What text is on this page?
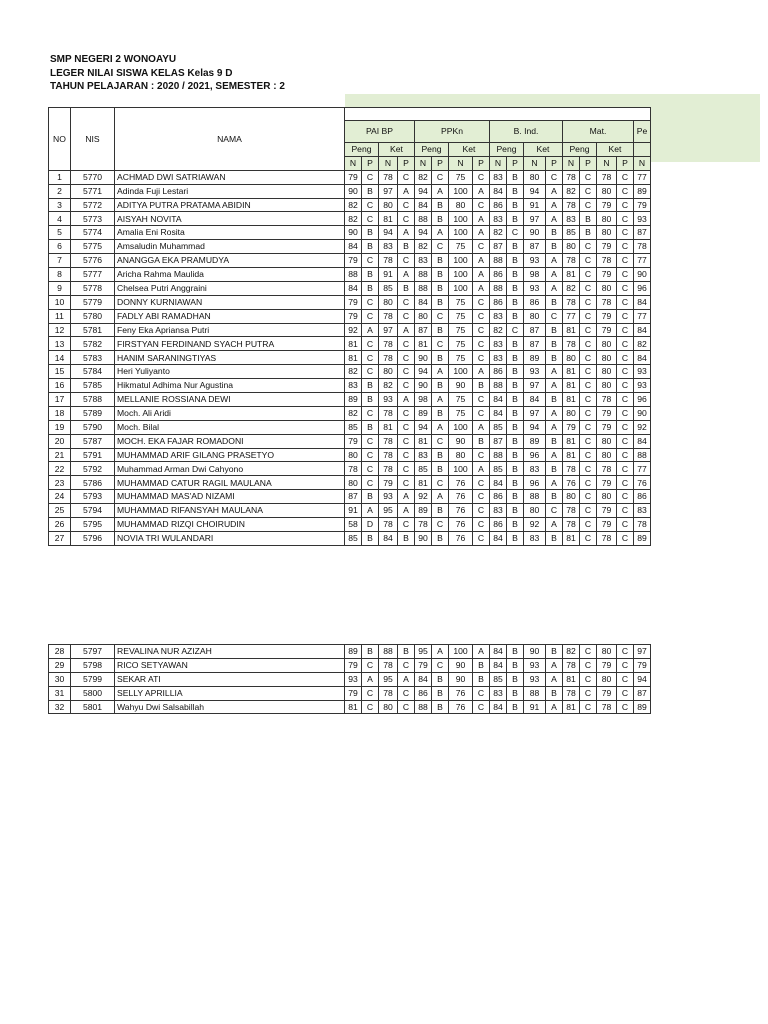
SMP NEGERI 2 WONOAYU
LEGER NILAI SISWA KELAS Kelas 9 D
TAHUN PELAJARAN : 2020 / 2021, SEMESTER : 2
NO	NIS	NAMA																	
			PAI BP				PPKn				B. Ind.				Mat.				Pe
			Peng		Ket		Peng		Ket		Peng		Ket		Peng		Ket		
			N	P	N	P	N	P	N	P	N	P	N	P	N	P	N	P	N
1	5770	ACHMAD DWI SATRIAWAN	79	C	78	C	82	C	75	C	83	B	80	C	78	C	78	C	77
2	5771	Adinda Fuji Lestari	90	B	97	A	94	A	100	A	84	B	94	A	82	C	80	C	89
3	5772	ADITYA PUTRA PRATAMA ABIDIN	82	C	80	C	84	B	80	C	86	B	91	A	78	C	79	C	79
4	5773	AISYAH NOVITA	82	C	81	C	88	B	100	A	83	B	97	A	83	B	80	C	93
5	5774	Amalia Eni Rosita	90	B	94	A	94	A	100	A	82	C	90	B	85	B	80	C	87
6	5775	Amsaludin Muhammad	84	B	83	B	82	C	75	C	87	B	87	B	80	C	79	C	78
7	5776	ANANGGA EKA PRAMUDYA	79	C	78	C	83	B	100	A	88	B	93	A	78	C	78	C	77
8	5777	Aricha Rahma Maulida	88	B	91	A	88	B	100	A	86	B	98	A	81	C	79	C	90
9	5778	Chelsea Putri Anggraini	84	B	85	B	88	B	100	A	88	B	93	A	82	C	80	C	96
10	5779	DONNY KURNIAWAN	79	C	80	C	84	B	75	C	86	B	86	B	78	C	78	C	84
11	5780	FADLY ABI RAMADHAN	79	C	78	C	80	C	75	C	83	B	80	C	77	C	79	C	77
12	5781	Feny Eka Apriansa Putri	92	A	97	A	87	B	75	C	82	C	87	B	81	C	79	C	84
13	5782	FIRSTYAN FERDINAND SYACH PUTRA	81	C	78	C	81	C	75	C	83	B	87	B	78	C	80	C	82
14	5783	HANIM SARANINGTIYAS	81	C	78	C	90	B	75	C	83	B	89	B	80	C	80	C	84
15	5784	Heri Yuliyanto	82	C	80	C	94	A	100	A	86	B	93	A	81	C	80	C	93
16	5785	Hikmatul Adhima Nur Agustina	83	B	82	C	90	B	90	B	88	B	97	A	81	C	80	C	93
17	5788	MELLANIE ROSSIANA DEWI	89	B	93	A	98	A	75	C	84	B	84	B	81	C	78	C	96
18	5789	Moch. Ali Aridi	82	C	78	C	89	B	75	C	84	B	97	A	80	C	79	C	90
19	5790	Moch. Bilal	85	B	81	C	94	A	100	A	85	B	94	A	79	C	79	C	92
20	5787	MOCH. EKA FAJAR ROMADONI	79	C	78	C	81	C	90	B	87	B	89	B	81	C	80	C	84
21	5791	MUHAMMAD ARIF GILANG PRASETYO	80	C	78	C	83	B	80	C	88	B	96	A	81	C	80	C	88
22	5792	Muhammad Arman Dwi Cahyono	78	C	78	C	85	B	100	A	85	B	83	B	78	C	78	C	77
23	5786	MUHAMMAD CATUR RAGIL MAULANA	80	C	79	C	81	C	76	C	84	B	96	A	76	C	79	C	76
24	5793	MUHAMMAD MAS'AD NIZAMI	87	B	93	A	92	A	76	C	86	B	88	B	80	C	80	C	86
25	5794	MUHAMMAD RIFANSYAH MAULANA	91	A	95	A	89	B	76	C	83	B	80	C	78	C	79	C	83
26	5795	MUHAMMAD RIZQI CHOIRUDIN	58	D	78	C	78	C	76	C	86	B	92	A	78	C	79	C	78
27	5796	NOVIA TRI WULANDARI	85	B	84	B	90	B	76	C	84	B	83	B	81	C	78	C	89
28	5797	REVALINA NUR AZIZAH	89	B	88	B	95	A	100	A	84	B	90	B	82	C	80	C	97
29	5798	RICO SETYAWAN	79	C	78	C	79	C	90	B	84	B	93	A	78	C	79	C	79
30	5799	SEKAR ATI	93	A	95	A	84	B	90	B	85	B	93	A	81	C	80	C	94
31	5800	SELLY APRILLIA	79	C	78	C	86	B	76	C	83	B	88	B	78	C	79	C	87
32	5801	Wahyu Dwi Salsabillah	81	C	80	C	88	B	76	C	84	B	91	A	81	C	78	C	89
